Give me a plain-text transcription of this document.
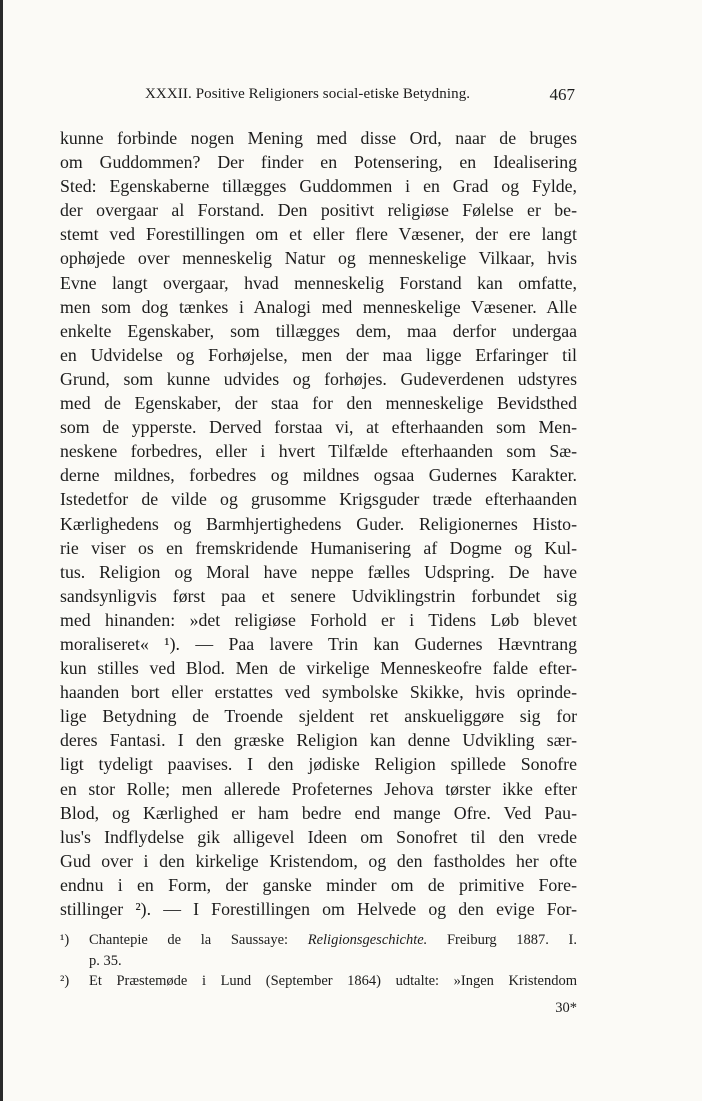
XXXII. Positive Religioners social-etiske Betydning.	467
kunne forbinde nogen Mening med disse Ord, naar de bruges
om Guddommen? Der finder en Potensering, en Idealisering
Sted: Egenskaberne tillægges Guddommen i en Grad og Fylde,
der overgaar al Forstand. Den positivt religiøse Følelse er be-
stemt ved Forestillingen om et eller flere Væsener, der ere langt
ophøjede over menneskelig Natur og menneskelige Vilkaar, hvis
Evne langt overgaar, hvad menneskelig Forstand kan omfatte,
men som dog tænkes i Analogi med menneskelige Væsener. Alle
enkelte Egenskaber, som tillægges dem, maa derfor undergaa
en Udvidelse og Forhøjelse, men der maa ligge Erfaringer til
Grund, som kunne udvides og forhøjes. Gudeverdenen udstyres
med de Egenskaber, der staa for den menneskelige Bevidsthed
som de ypperste. Derved forstaa vi, at efterhaanden som Men-
neskene forbedres, eller i hvert Tilfælde efterhaanden som Sæ-
derne mildnes, forbedres og mildnes ogsaa Gudernes Karakter.
Istedetfor de vilde og grusomme Krigsguder træde efterhaanden
Kærlighedens og Barmhjertighedens Guder. Religionernes Histo-
rie viser os en fremskridende Humanisering af Dogme og Kul-
tus. Religion og Moral have neppe fælles Udspring. De have
sandsynligvis først paa et senere Udviklingstrin forbundet sig
med hinanden: »det religiøse Forhold er i Tidens Løb blevet
moraliseret« ¹). — Paa lavere Trin kan Gudernes Hævntrang
kun stilles ved Blod. Men de virkelige Menneskeofre falde efter-
haanden bort eller erstattes ved symbolske Skikke, hvis oprinde-
lige Betydning de Troende sjeldent ret anskueliggøre sig for
deres Fantasi. I den græske Religion kan denne Udvikling sær-
ligt tydeligt paavises. I den jødiske Religion spillede Sonofre
en stor Rolle; men allerede Profeternes Jehova tørster ikke efter
Blod, og Kærlighed er ham bedre end mange Ofre. Ved Pau-
lus's Indflydelse gik alligevel Ideen om Sonofret til den vrede
Gud over i den kirkelige Kristendom, og den fastholdes her ofte
endnu i en Form, der ganske minder om de primitive Fore-
stillinger ²). — I Forestillingen om Helvede og den evige For-
¹) Chantepie de la Saussaye: Religionsgeschichte. Freiburg 1887. I.
p. 35.
²) Et Præstemøde i Lund (September 1864) udtalte: »Ingen Kristendom
30*
